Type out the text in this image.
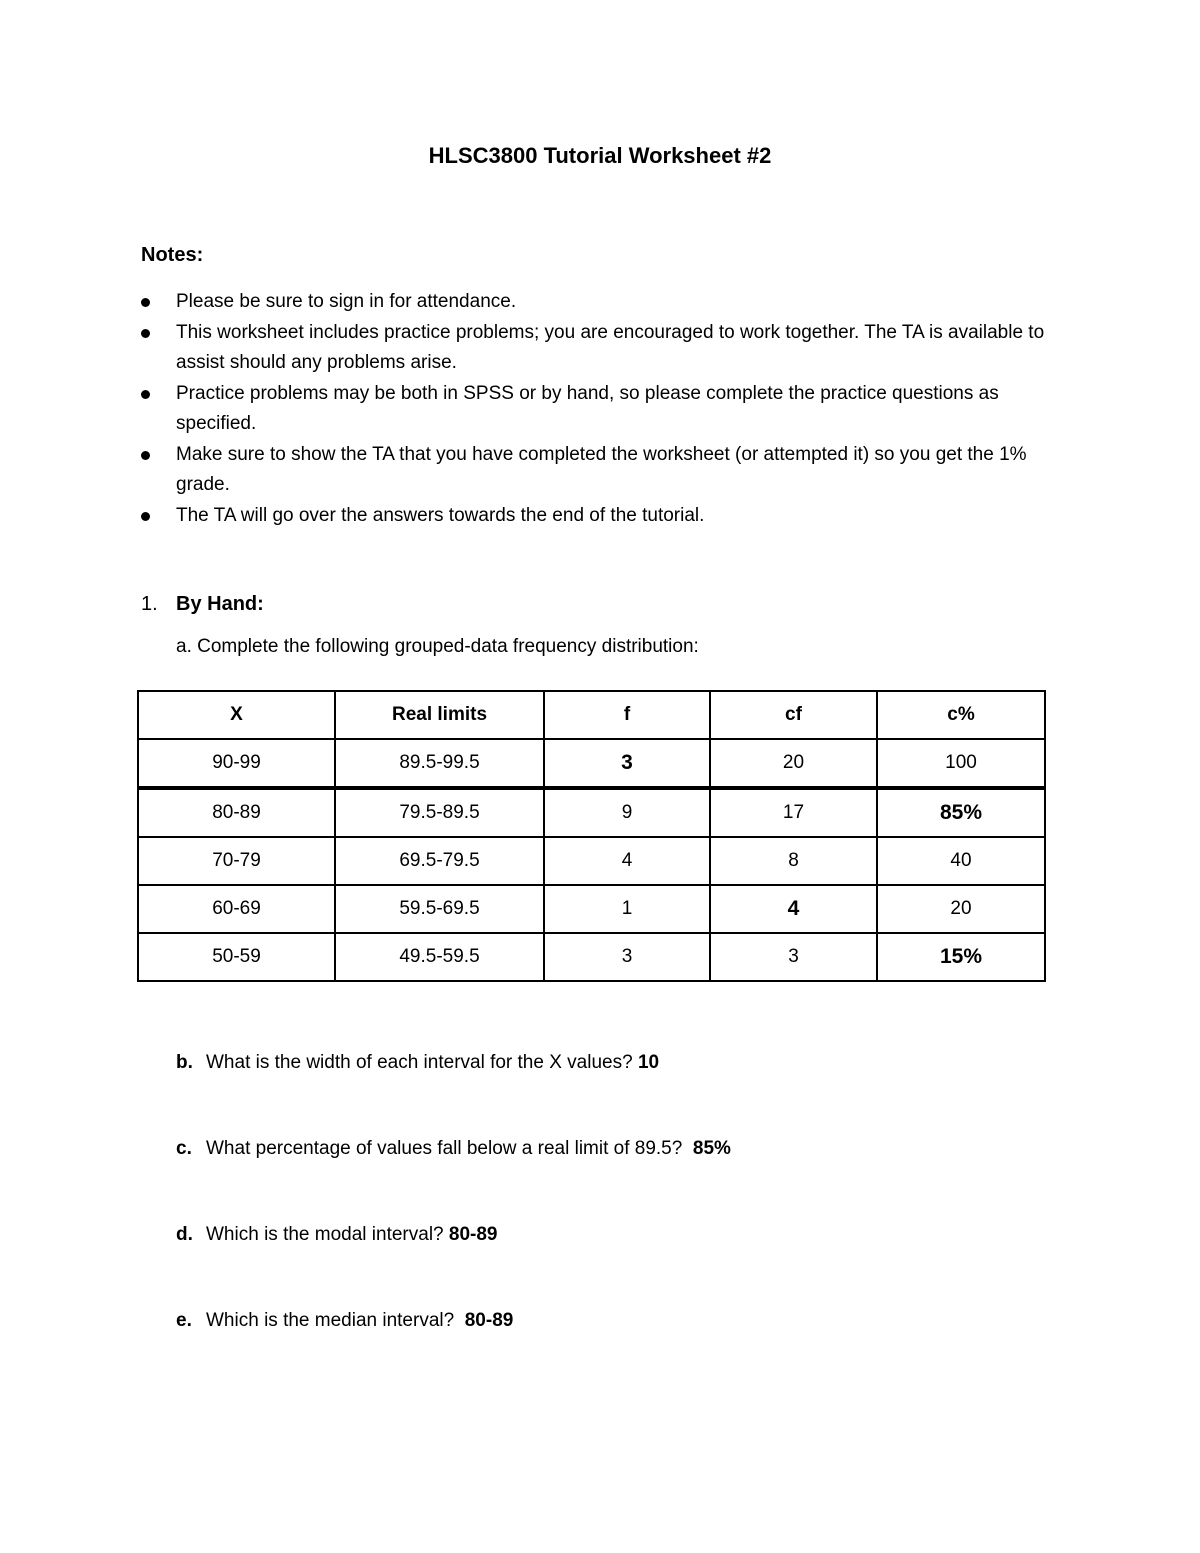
HLSC3800 Tutorial Worksheet #2
Notes:
Please be sure to sign in for attendance.
This worksheet includes practice problems; you are encouraged to work together. The TA is available to assist should any problems arise.
Practice problems may be both in SPSS or by hand, so please complete the practice questions as specified.
Make sure to show the TA that you have completed the worksheet (or attempted it) so you get the 1% grade.
The TA will go over the answers towards the end of the tutorial.
1. By Hand:
a. Complete the following grouped-data frequency distribution:
X	Real limits	f	cf	c%
90-99	89.5-99.5	3	20	100
80-89	79.5-89.5	9	17	85%
70-79	69.5-79.5	4	8	40
60-69	59.5-69.5	1	4	20
50-59	49.5-59.5	3	3	15%
b. What is the width of each interval for the X values? 10
c. What percentage of values fall below a real limit of 89.5? 85%
d. Which is the modal interval? 80-89
e. Which is the median interval? 80-89
